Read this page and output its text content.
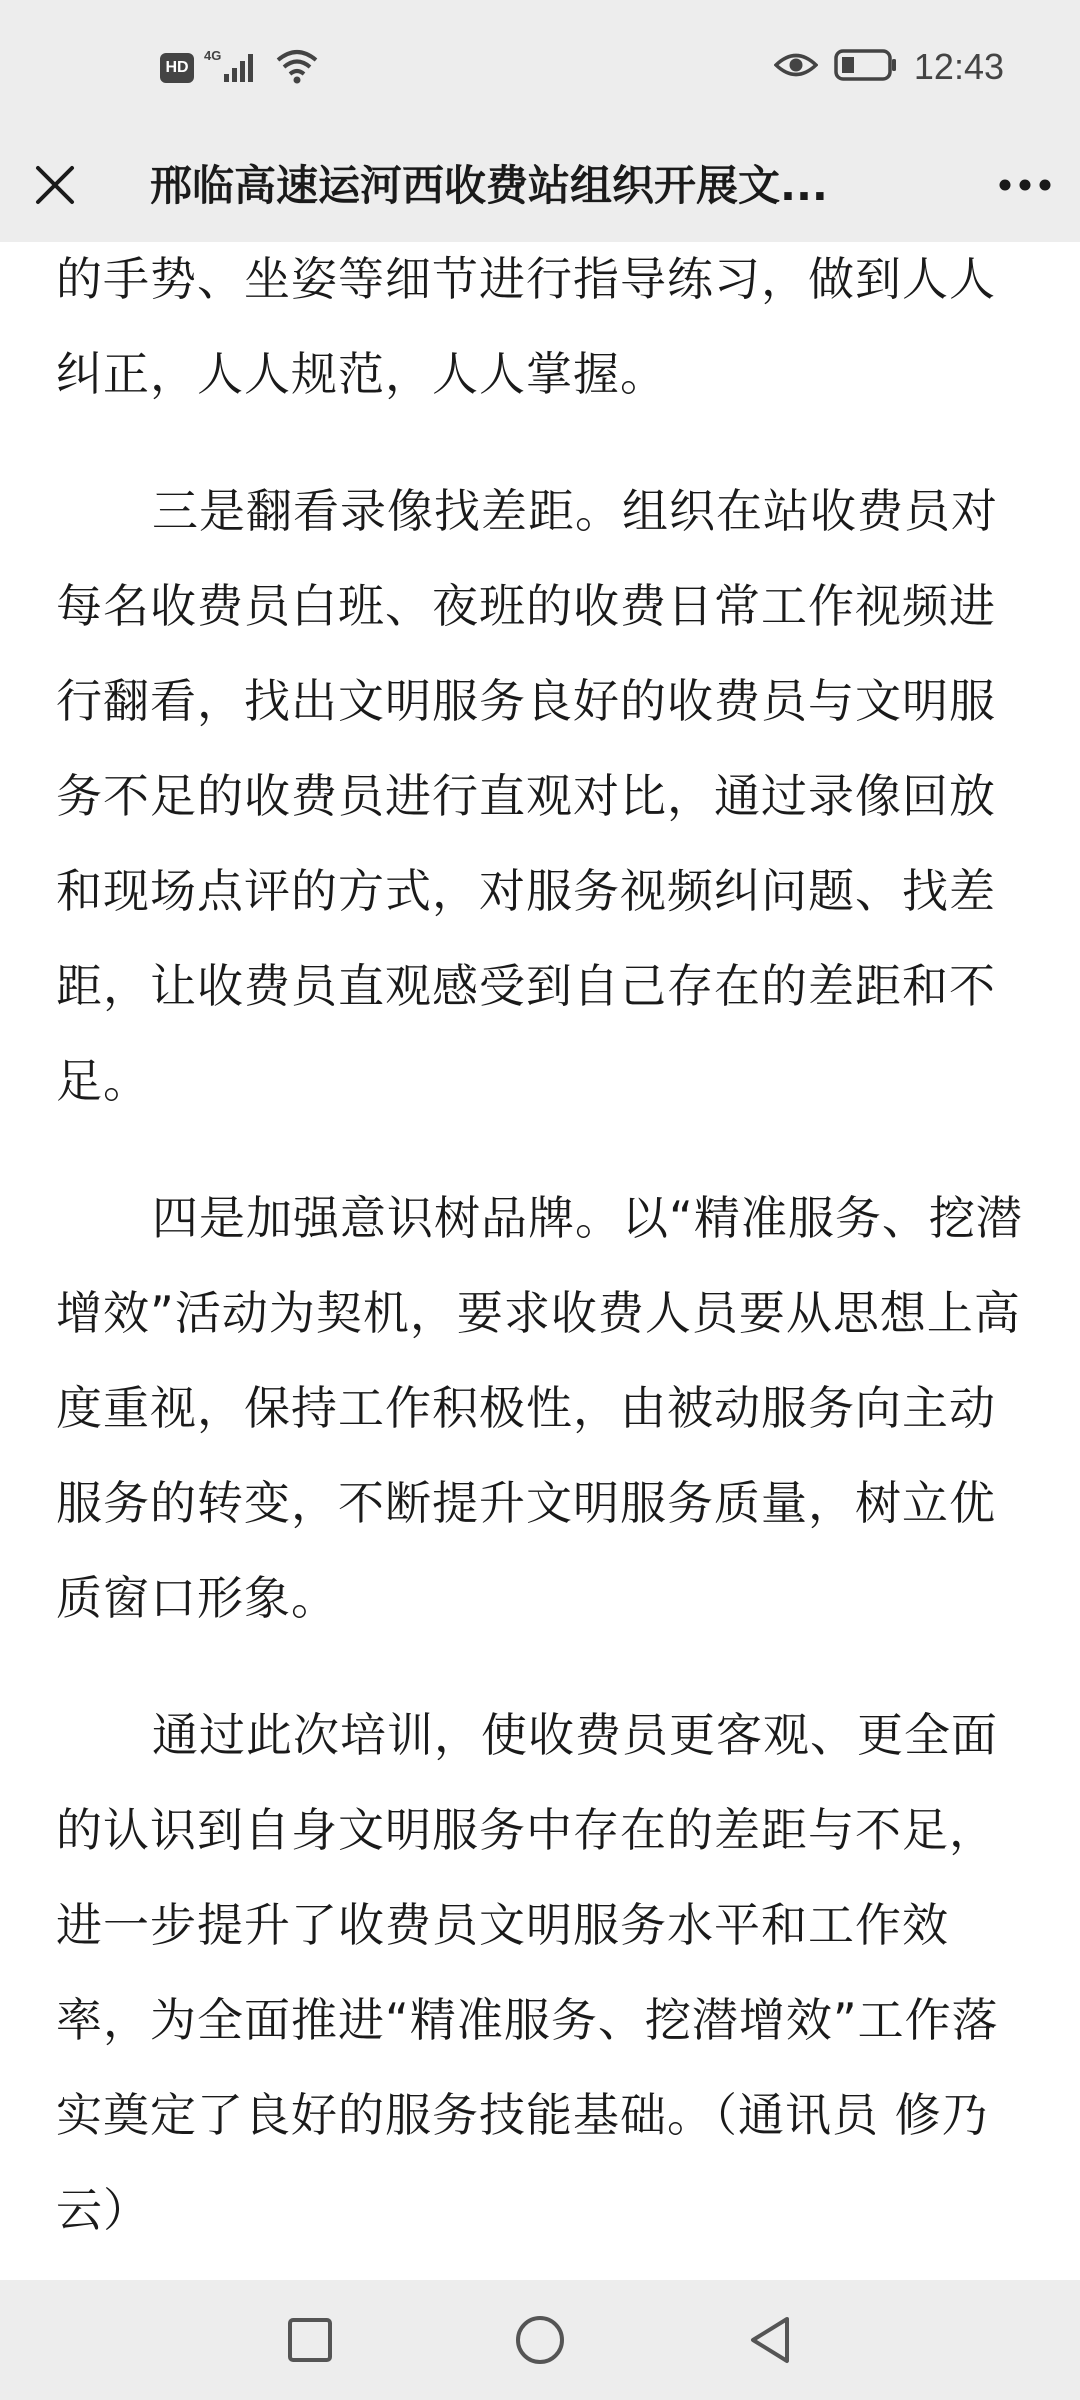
HD
4G	12:43
邢临高速运河西收费站组织开展文...

的手势、坐姿等细节进行指导练习，做到人人纠正，人人规范，人人掌握。

三是翻看录像找差距。组织在站收费员对每名收费员白班、夜班的收费日常工作视频进行翻看，找出文明服务良好的收费员与文明服务不足的收费员进行直观对比，通过录像回放和现场点评的方式，对服务视频纠问题、找差距，让收费员直观感受到自己存在的差距和不足。

四是加强意识树品牌。以“精准服务、挖潜增效”活动为契机，要求收费人员要从思想上高度重视，保持工作积极性，由被动服务向主动服务的转变，不断提升文明服务质量，树立优质窗口形象。

通过此次培训，使收费员更客观、更全面的认识到自身文明服务中存在的差距与不足，进一步提升了收费员文明服务水平和工作效率，为全面推进“精准服务、挖潜增效”工作落实奠定了良好的服务技能基础。（通讯员 修乃云）
